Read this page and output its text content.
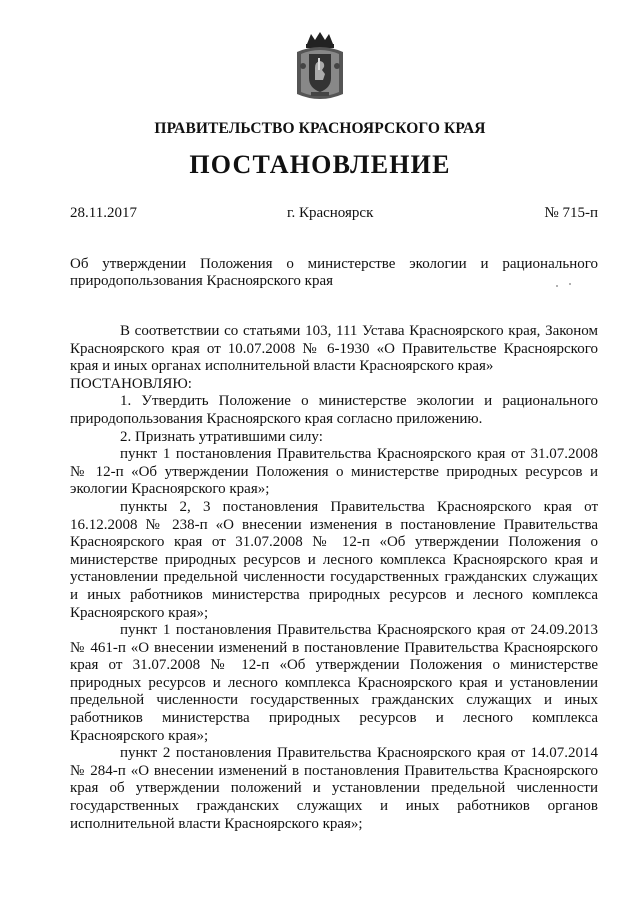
ПРАВИТЕЛЬСТВО КРАСНОЯРСКОГО КРАЯ
ПОСТАНОВЛЕНИЕ
28.11.2017	г. Красноярск	№ 715-п
Об утверждении Положения о министерстве экологии и рационального
природопользования Красноярского края

В соответствии со статьями 103, 111 Устава Красноярского края, Законом Красноярского края от 10.07.2008 № 6-1930 «О Правительстве Красноярского края и иных органах исполнительной власти Красноярского края»

ПОСТАНОВЛЯЮ:

1. Утвердить Положение о министерстве экологии и рационального природопользования Красноярского края согласно приложению.

2. Признать утратившими силу:

пункт 1 постановления Правительства Красноярского края от 31.07.2008 № 12-п «Об утверждении Положения о министерстве природных ресурсов и экологии Красноярского края»;

пункты 2, 3 постановления Правительства Красноярского края от 16.12.2008 № 238-п «О внесении изменения в постановление Правительства Красноярского края от 31.07.2008 № 12-п «Об утверждении Положения о министерстве природных ресурсов и лесного комплекса Красноярского края и установлении предельной численности государственных гражданских служащих и иных работников министерства природных ресурсов и лесного комплекса Красноярского края»;

пункт 1 постановления Правительства Красноярского края от 24.09.2013 № 461-п «О внесении изменений в постановление Правительства Красноярского края от 31.07.2008 № 12-п «Об утверждении Положения о министерстве природных ресурсов и лесного комплекса Красноярского края и установлении предельной численности государственных гражданских служащих и иных работников министерства природных ресурсов и лесного комплекса Красноярского края»;

пункт 2 постановления Правительства Красноярского края от 14.07.2014 № 284-п «О внесении изменений в постановления Правительства Красноярского края об утверждении положений и установлении предельной численности государственных гражданских служащих и иных работников органов исполнительной власти Красноярского края»;
